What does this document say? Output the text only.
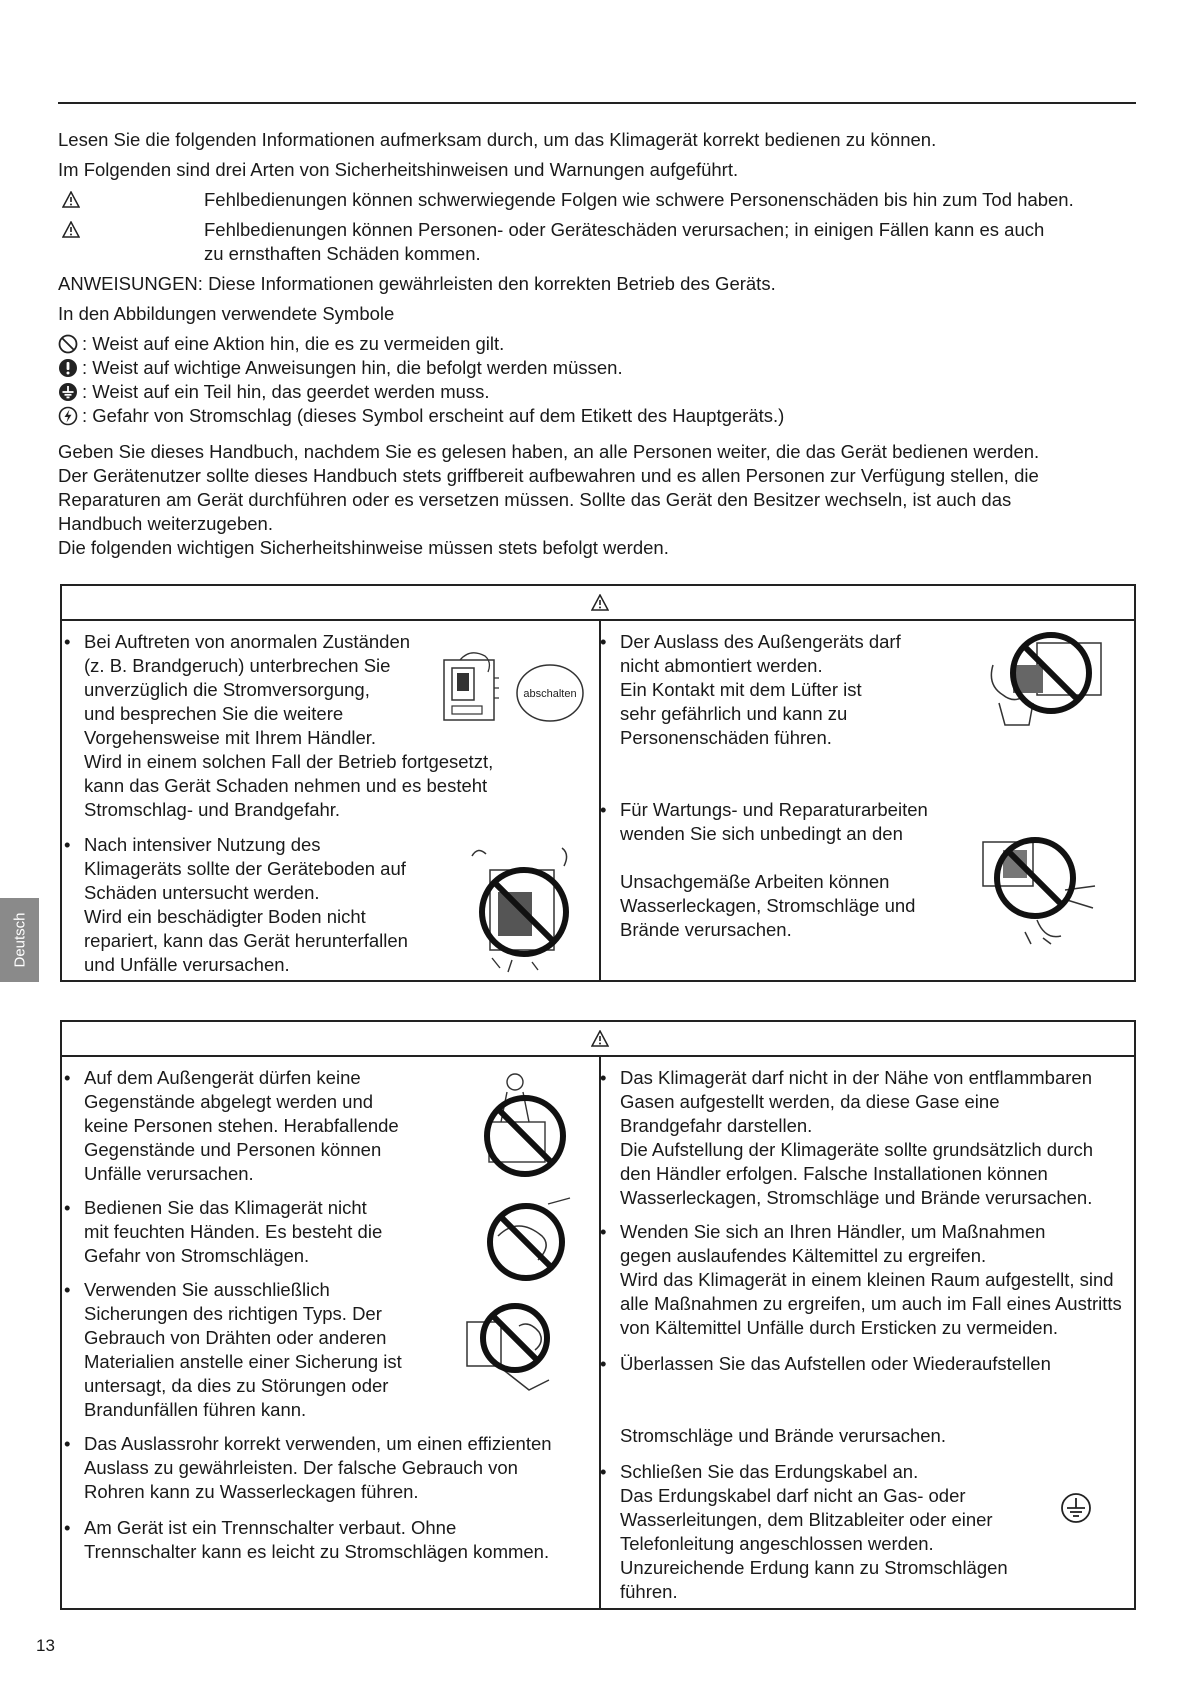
Lesen Sie die folgenden Informationen aufmerksam durch, um das Klimagerät korrekt bedienen zu können.
Im Folgenden sind drei Arten von Sicherheitshinweisen und Warnungen aufgeführt.
Fehlbedienungen können schwerwiegende Folgen wie schwere Personenschäden bis hin zum Tod haben.
Fehlbedienungen können Personen- oder Geräteschäden verursachen; in einigen Fällen kann es auch
zu ernsthaften Schäden kommen.
ANWEISUNGEN: Diese Informationen gewährleisten den korrekten Betrieb des Geräts.
In den Abbildungen verwendete Symbole
: Weist auf eine Aktion hin, die es zu vermeiden gilt.
: Weist auf wichtige Anweisungen hin, die befolgt werden müssen.
: Weist auf ein Teil hin, das geerdet werden muss.
: Gefahr von Stromschlag (dieses Symbol erscheint auf dem Etikett des Hauptgeräts.)
Geben Sie dieses Handbuch, nachdem Sie es gelesen haben, an alle Personen weiter, die das Gerät bedienen werden.
Der Gerätenutzer sollte dieses Handbuch stets griffbereit aufbewahren und es allen Personen zur Verfügung stellen, die
Reparaturen am Gerät durchführen oder es versetzen müssen. Sollte das Gerät den Besitzer wechseln, ist auch das
Handbuch weiterzugeben.
Die folgenden wichtigen Sicherheitshinweise müssen stets befolgt werden.
• Bei Auftreten von anormalen Zuständen
(z. B. Brandgeruch) unterbrechen Sie
unverzüglich die Stromversorgung,
und besprechen Sie die weitere
Vorgehensweise mit Ihrem Händler.
Wird in einem solchen Fall der Betrieb fortgesetzt,
kann das Gerät Schaden nehmen und es besteht
Stromschlag- und Brandgefahr.
• Nach intensiver Nutzung des
Klimageräts sollte der Geräteboden auf
Schäden untersucht werden.
Wird ein beschädigter Boden nicht
repariert, kann das Gerät herunterfallen
und Unfälle verursachen.
• Der Auslass des Außengeräts darf
nicht abmontiert werden.
Ein Kontakt mit dem Lüfter ist
sehr gefährlich und kann zu
Personenschäden führen.
• Für Wartungs- und Reparaturarbeiten
wenden Sie sich unbedingt an den
Unsachgemäße Arbeiten können
Wasserleckagen, Stromschläge und
Brände verursachen.
abschalten
• Auf dem Außengerät dürfen keine
Gegenstände abgelegt werden und
keine Personen stehen. Herabfallende
Gegenstände und Personen können
Unfälle verursachen.
• Bedienen Sie das Klimagerät nicht
mit feuchten Händen. Es besteht die
Gefahr von Stromschlägen.
• Verwenden Sie ausschließlich
Sicherungen des richtigen Typs. Der
Gebrauch von Drähten oder anderen
Materialien anstelle einer Sicherung ist
untersagt, da dies zu Störungen oder
Brandunfällen führen kann.
• Das Auslassrohr korrekt verwenden, um einen effizienten
Auslass zu gewährleisten. Der falsche Gebrauch von
Rohren kann zu Wasserleckagen führen.
• Am Gerät ist ein Trennschalter verbaut. Ohne
Trennschalter kann es leicht zu Stromschlägen kommen.
• Das Klimagerät darf nicht in der Nähe von entflammbaren
Gasen aufgestellt werden, da diese Gase eine
Brandgefahr darstellen.
Die Aufstellung der Klimageräte sollte grundsätzlich durch
den Händler erfolgen. Falsche Installationen können
Wasserleckagen, Stromschläge und Brände verursachen.
• Wenden Sie sich an Ihren Händler, um Maßnahmen
gegen auslaufendes Kältemittel zu ergreifen.
Wird das Klimagerät in einem kleinen Raum aufgestellt, sind
alle Maßnahmen zu ergreifen, um auch im Fall eines Austritts
von Kältemittel Unfälle durch Ersticken zu vermeiden.
• Überlassen Sie das Aufstellen oder Wiederaufstellen
Stromschläge und Brände verursachen.
• Schließen Sie das Erdungskabel an.
Das Erdungskabel darf nicht an Gas- oder
Wasserleitungen, dem Blitzableiter oder einer
Telefonleitung angeschlossen werden.
Unzureichende Erdung kann zu Stromschlägen
führen.
Deutsch
13
